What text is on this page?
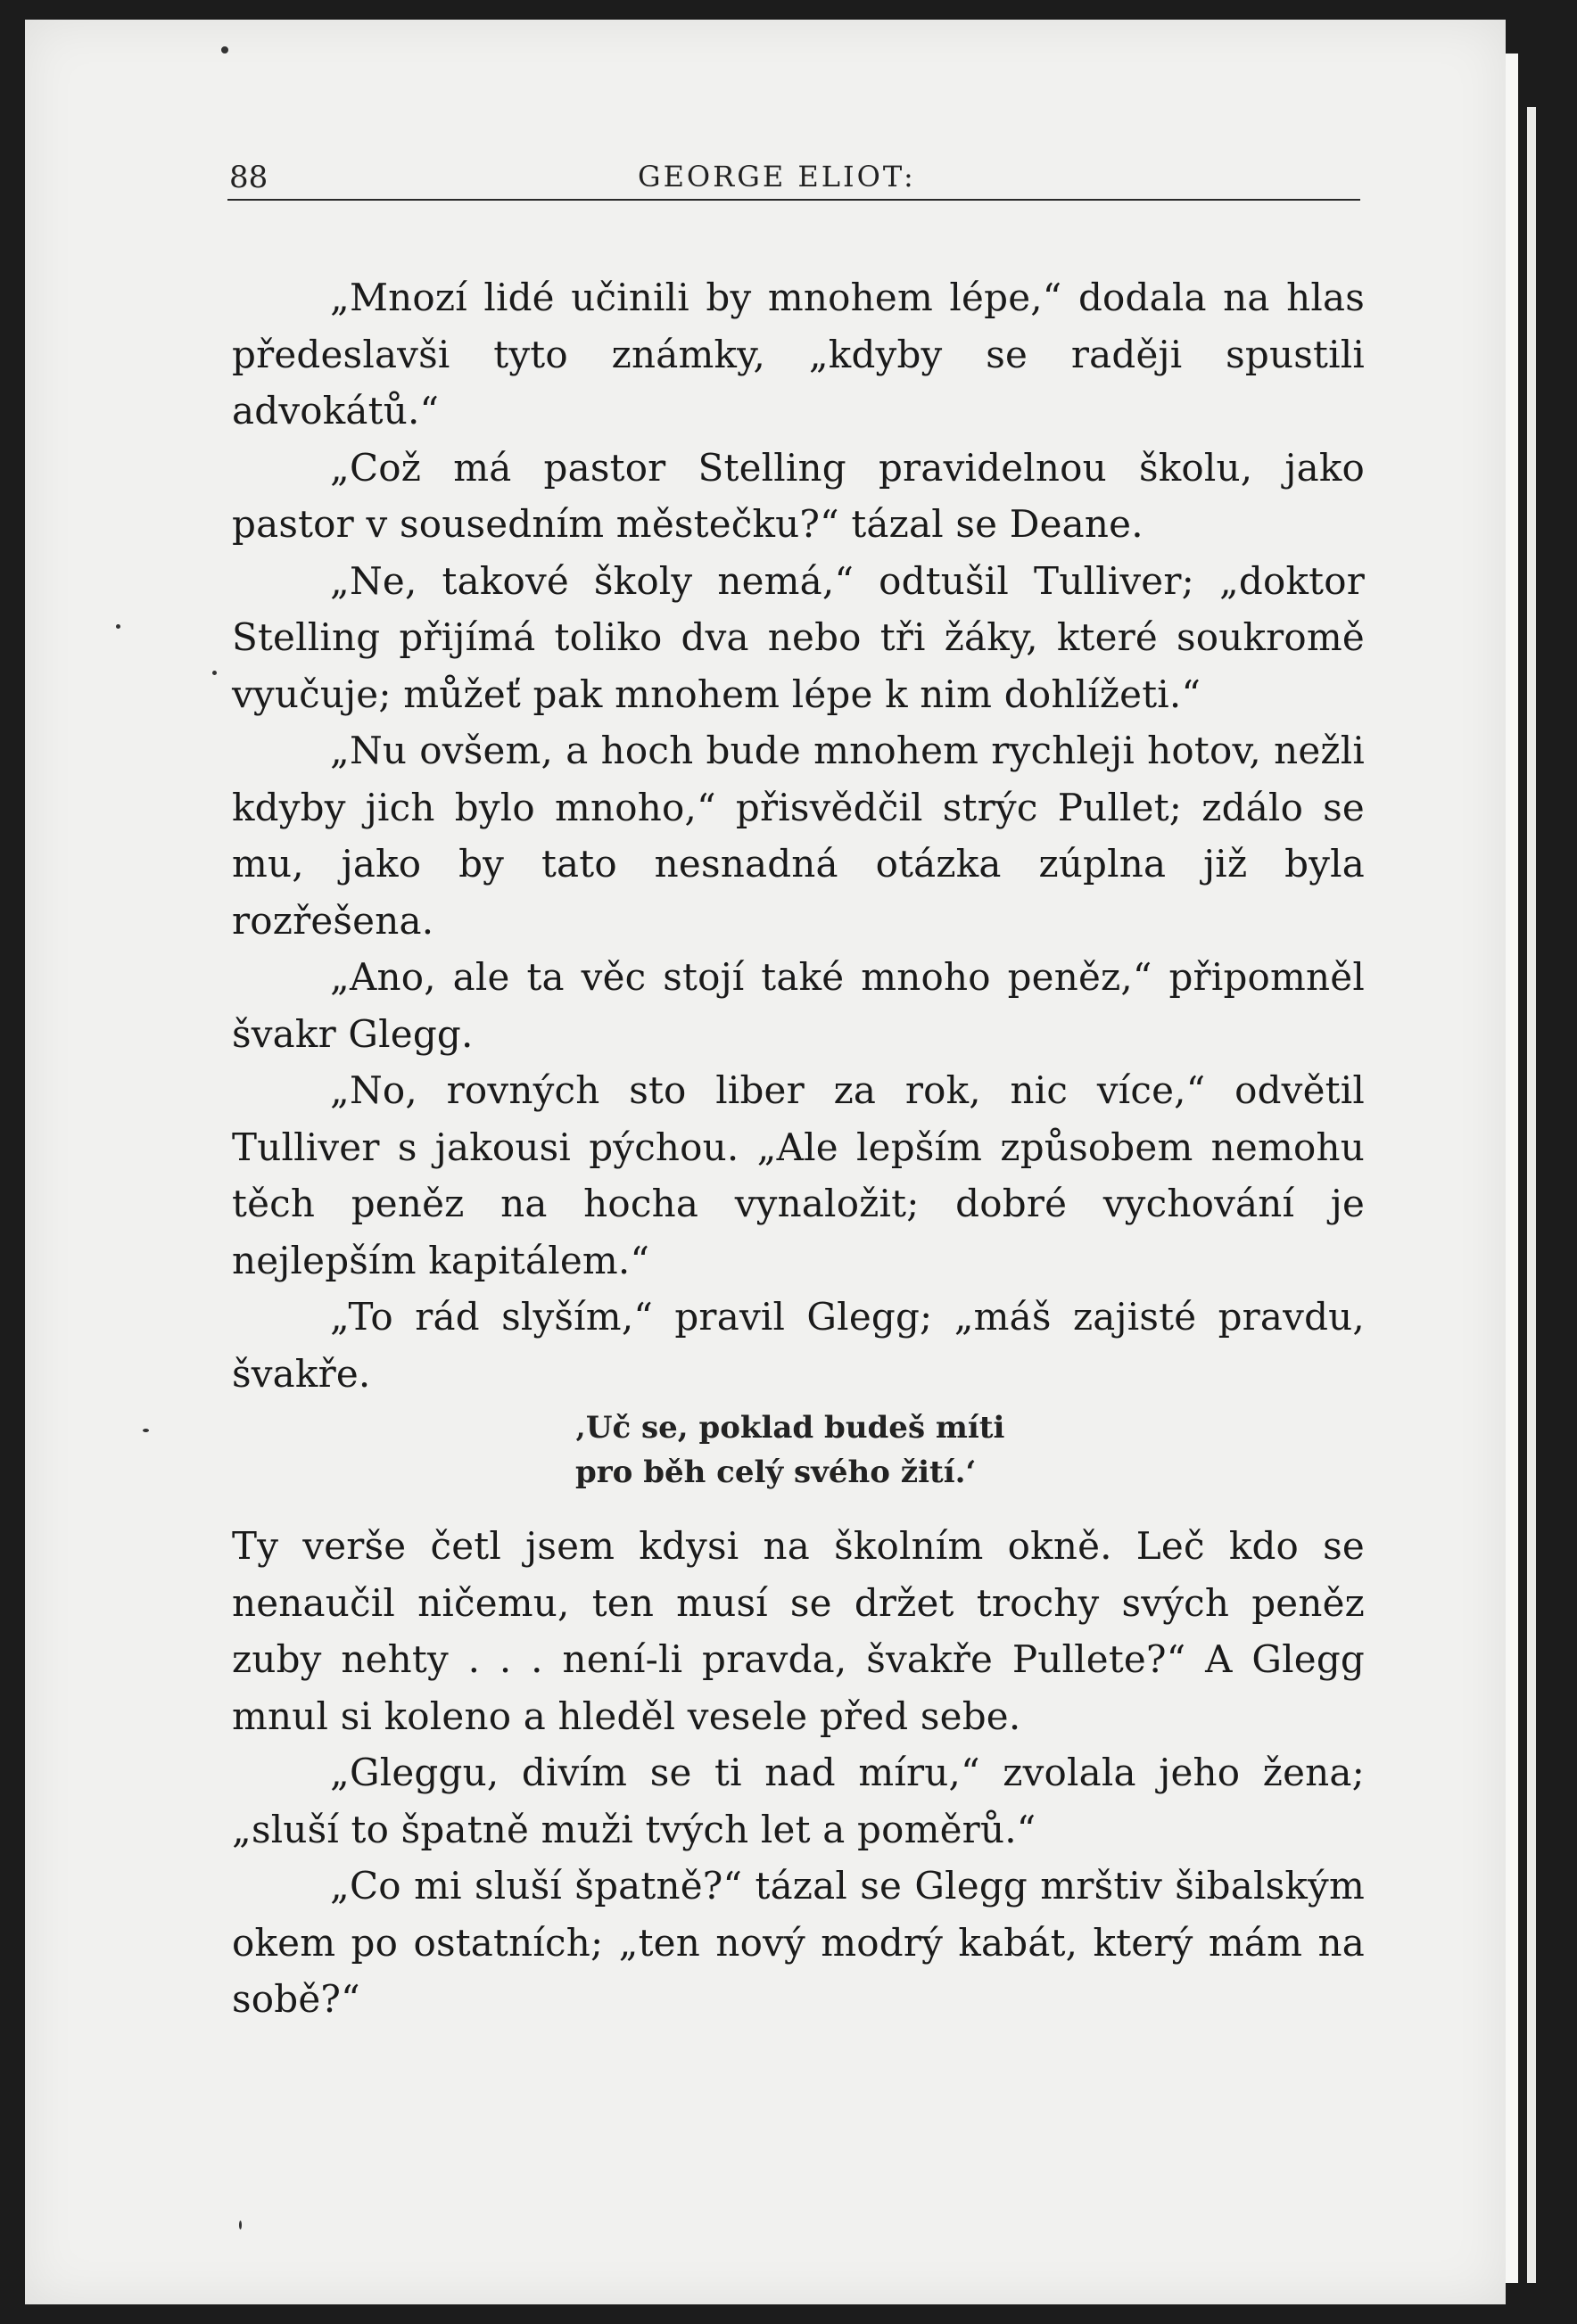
88	GEORGE ELIOT:

„Mnozí lidé učinili by mnohem lépe,“ dodala na hlas předeslavši tyto známky, „kdyby se raději spustili advokátů.“

„Což má pastor Stelling pravidelnou školu, jako pastor v sousedním městečku?“ tázal se Deane.

„Ne, takové školy nemá,“ odtušil Tulliver; „doktor Stelling přijímá toliko dva nebo tři žáky, které soukromě vyučuje; můžeť pak mnohem lépe k nim dohlížeti.“

„Nu ovšem, a hoch bude mnohem rychleji hotov, nežli kdyby jich bylo mnoho,“ přisvědčil strýc Pullet; zdálo se mu, jako by tato nesnadná otázka zúplna již byla rozřešena.

„Ano, ale ta věc stojí také mnoho peněz,“ připomněl švakr Glegg.

„No, rovných sto liber za rok, nic více,“ odvětil Tulliver s jakousi pýchou. „Ale lepším způsobem nemohu těch peněz na hocha vynaložit; dobré vychování je nejlepším kapitálem.“

„To rád slyším,“ pravil Glegg; „máš zajisté pravdu, švakře.

‚Uč se, poklad budeš míti
pro běh celý svého žití.‘

Ty verše četl jsem kdysi na školním okně. Leč kdo se nenaučil ničemu, ten musí se držet trochy svých peněz zuby nehty . . . není-li pravda, švakře Pullete?“ A Glegg mnul si koleno a hleděl vesele před sebe.

„Gleggu, divím se ti nad míru,“ zvolala jeho žena; „sluší to špatně muži tvých let a poměrů.“

„Co mi sluší špatně?“ tázal se Glegg mrštiv šibalským okem po ostatních; „ten nový modrý kabát, který mám na sobě?“
